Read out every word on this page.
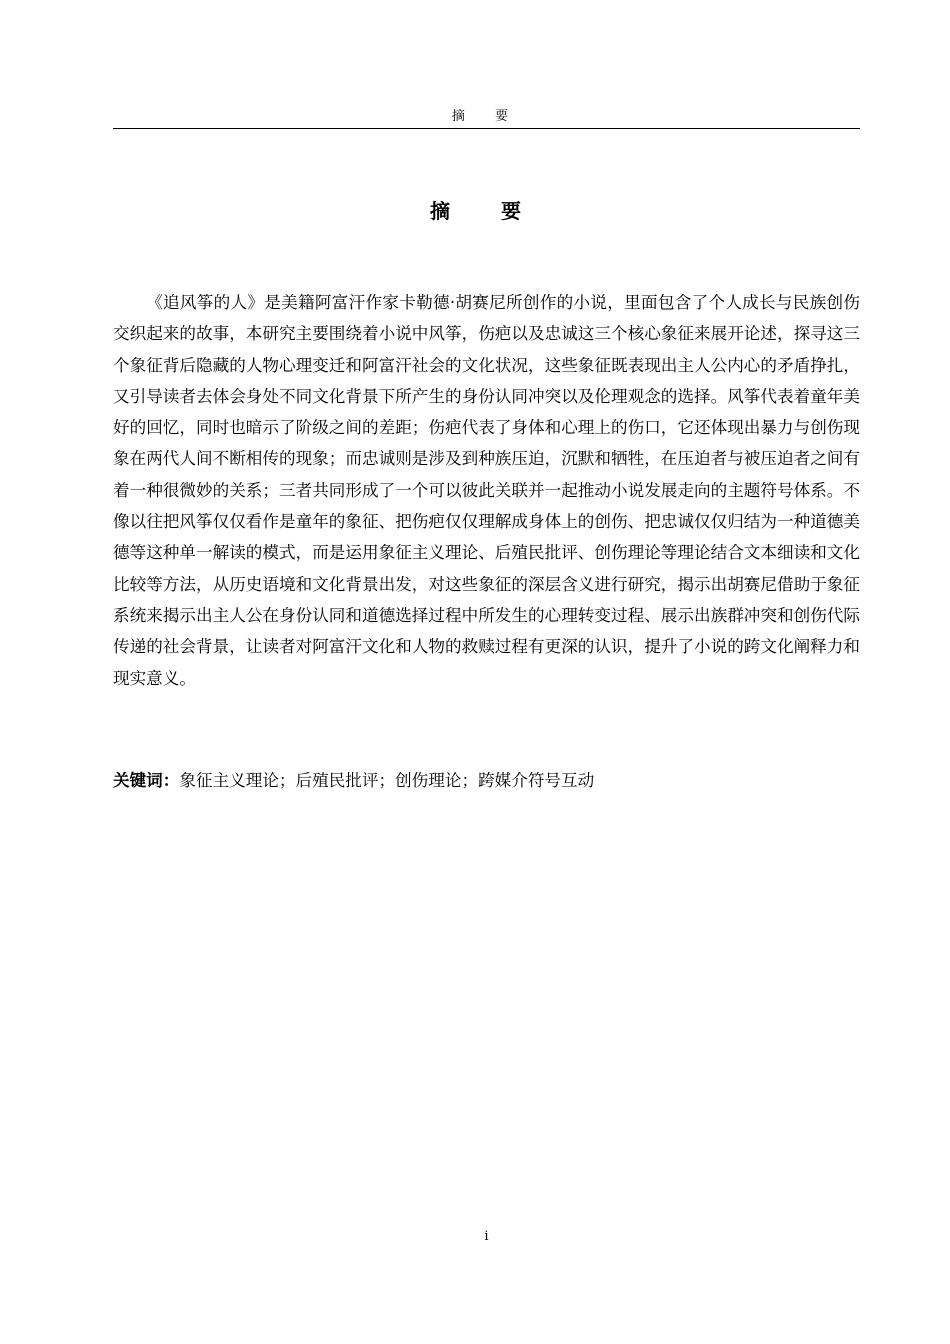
摘 要
摘 要

《追风筝的人》是美籍阿富汗作家卡勒德·胡赛尼所创作的小说，里面包含了个人成长与民族创伤交织起来的故事，本研究主要围绕着小说中风筝，伤疤以及忠诚这三个核心象征来展开论述，探寻这三个象征背后隐藏的人物心理变迁和阿富汗社会的文化状况，这些象征既表现出主人公内心的矛盾挣扎，又引导读者去体会身处不同文化背景下所产生的身份认同冲突以及伦理观念的选择。风筝代表着童年美好的回忆，同时也暗示了阶级之间的差距；伤疤代表了身体和心理上的伤口，它还体现出暴力与创伤现象在两代人间不断相传的现象；而忠诚则是涉及到种族压迫，沉默和牺牲，在压迫者与被压迫者之间有着一种很微妙的关系；三者共同形成了一个可以彼此关联并一起推动小说发展走向的主题符号体系。不像以往把风筝仅仅看作是童年的象征、把伤疤仅仅理解成身体上的创伤、把忠诚仅仅归结为一种道德美德等这种单一解读的模式，而是运用象征主义理论、后殖民批评、创伤理论等理论结合文本细读和文化比较等方法，从历史语境和文化背景出发，对这些象征的深层含义进行研究，揭示出胡赛尼借助于象征系统来揭示出主人公在身份认同和道德选择过程中所发生的心理转变过程、展示出族群冲突和创伤代际传递的社会背景，让读者对阿富汗文化和人物的救赎过程有更深的认识，提升了小说的跨文化阐释力和现实意义。

关键词：象征主义理论；后殖民批评；创伤理论；跨媒介符号互动
i
